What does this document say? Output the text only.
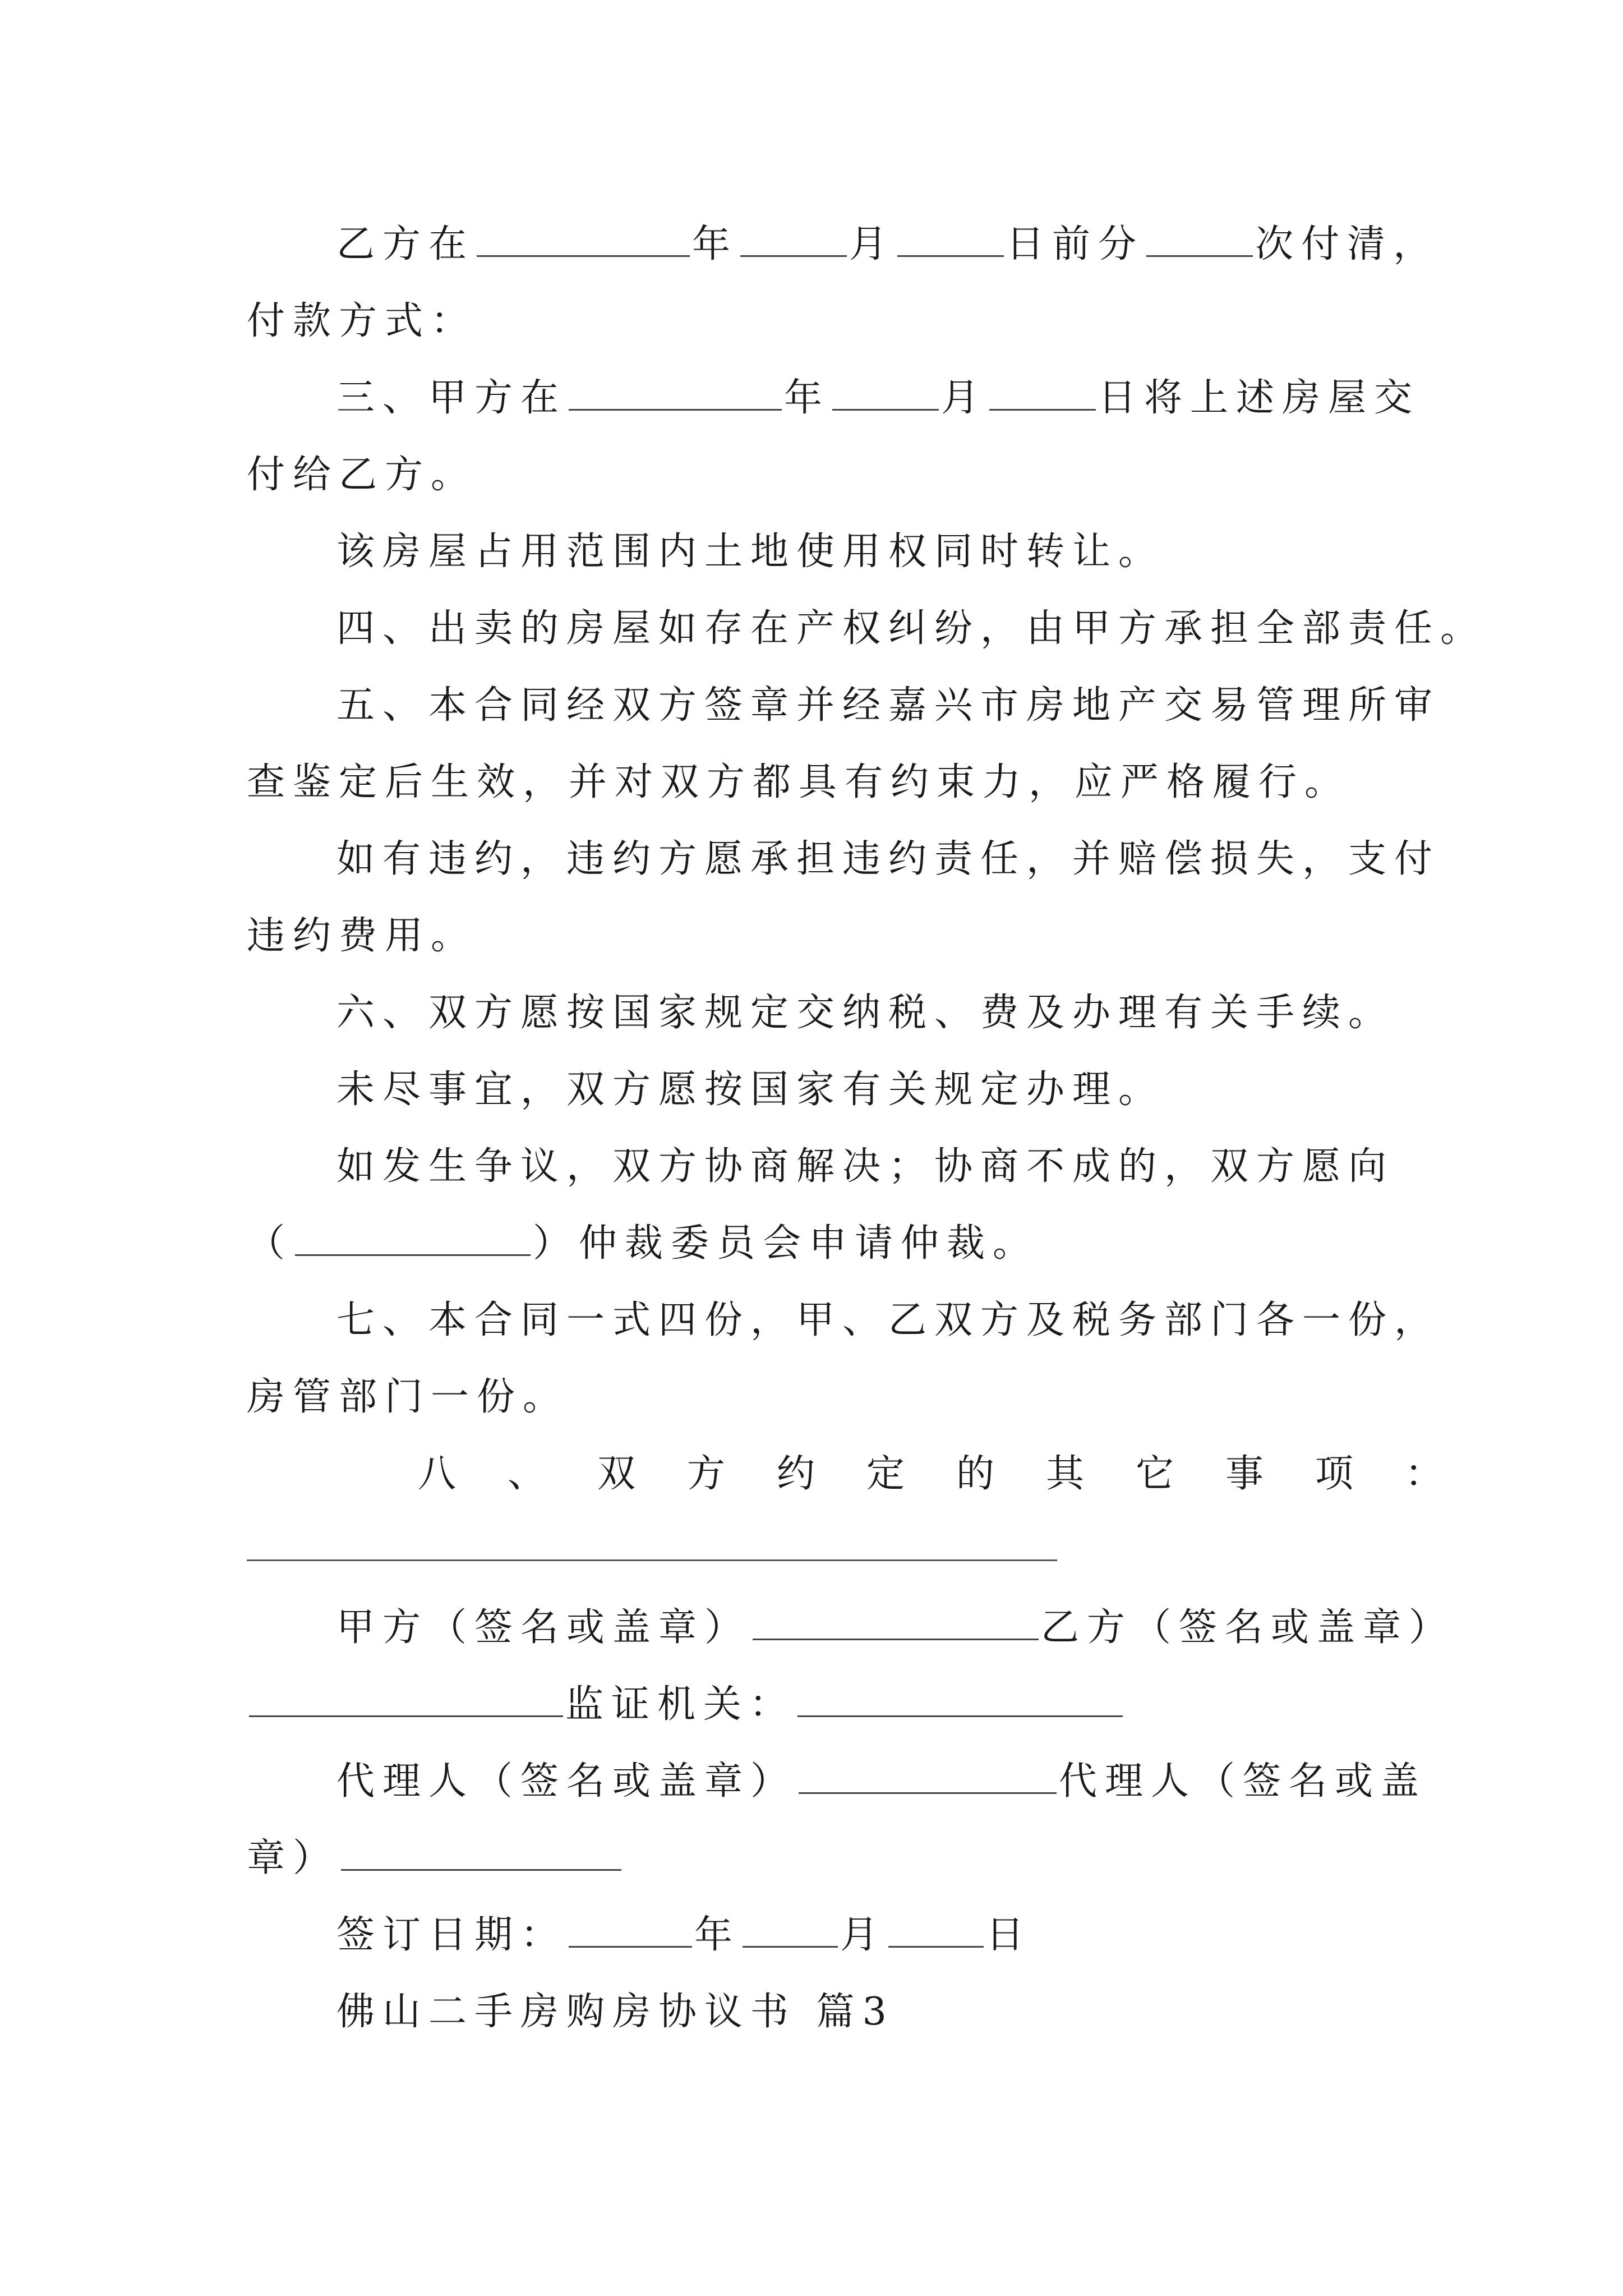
乙方在	年	月	日前分	次付清，
付款方式：
三、甲方在	年	月	日将上述房屋交
付给乙方。
该房屋占用范围内土地使用权同时转让。
四、出卖的房屋如存在产权纠纷，由甲方承担全部责任。
五、本合同经双方签章并经嘉兴市房地产交易管理所审
查鉴定后生效，并对双方都具有约束力，应严格履行。
如有违约，违约方愿承担违约责任，并赔偿损失，支付
违约费用。
六、双方愿按国家规定交纳税、费及办理有关手续。
未尽事宜，双方愿按国家有关规定办理。
如发生争议，双方协商解决；协商不成的，双方愿向
（	）仲裁委员会申请仲裁。
七、本合同一式四份，甲、乙双方及税务部门各一份，
房管部门一份。
八、双方约定的其它事项：
甲方（签名或盖章）	乙方（签名或盖章）
监证机关：
代理人（签名或盖章）	代理人（签名或盖
章）
签订日期：	年	月	日
佛山二手房购房协议书 篇3
